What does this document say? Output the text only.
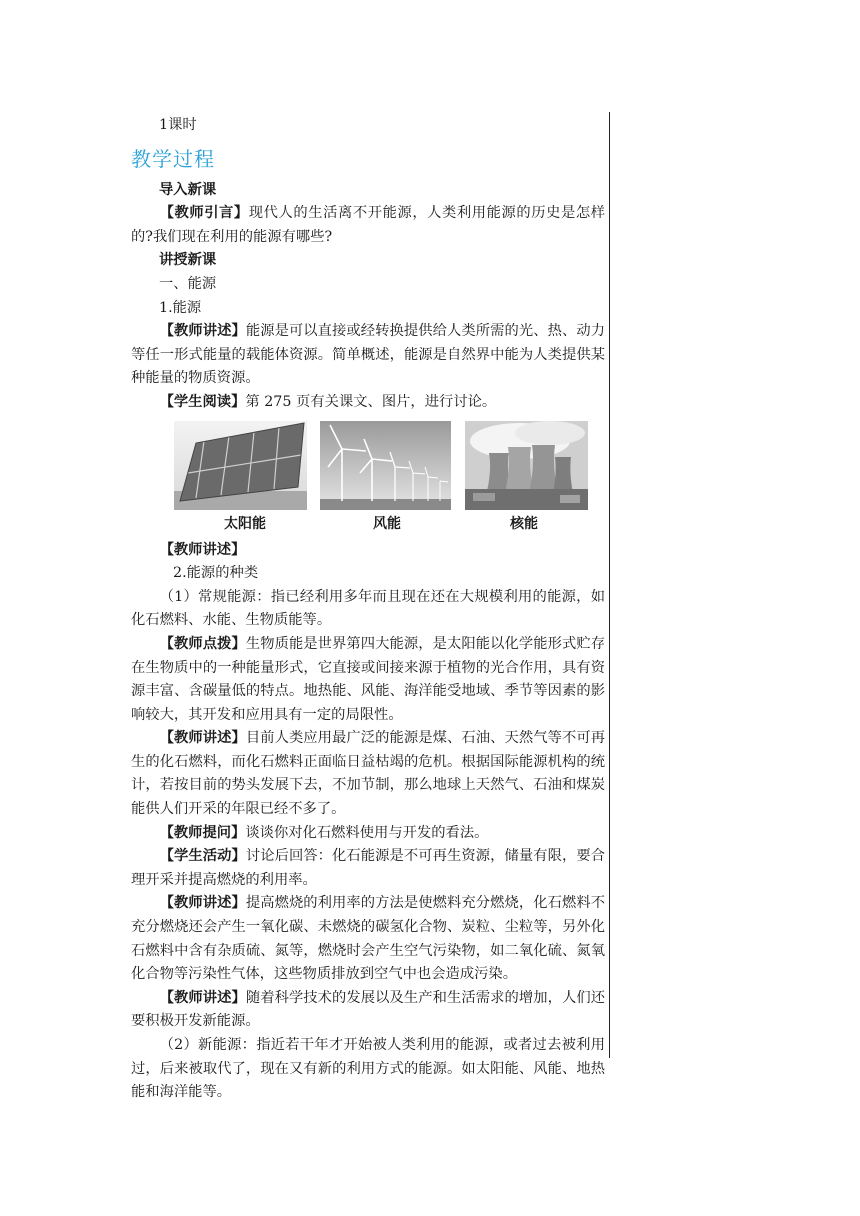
1课时

教学过程

导入新课

【教师引言】现代人的生活离不开能源，人类利用能源的历史是怎样的?我们现在利用的能源有哪些?

讲授新课

一、能源

1.能源

【教师讲述】能源是可以直接或经转换提供给人类所需的光、热、动力等任一形式能量的载能体资源。简单概述，能源是自然界中能为人类提供某种能量的物质资源。

【学生阅读】第 275 页有关课文、图片，进行讨论。

太阳能	风能	核能

【教师讲述】

2.能源的种类

（1）常规能源：指已经利用多年而且现在还在大规模利用的能源，如化石燃料、水能、生物质能等。

【教师点拨】生物质能是世界第四大能源，是太阳能以化学能形式贮存在生物质中的一种能量形式，它直接或间接来源于植物的光合作用，具有资源丰富、含碳量低的特点。地热能、风能、海洋能受地域、季节等因素的影响较大，其开发和应用具有一定的局限性。

【教师讲述】目前人类应用最广泛的能源是煤、石油、天然气等不可再生的化石燃料，而化石燃料正面临日益枯竭的危机。根据国际能源机构的统计，若按目前的势头发展下去，不加节制，那么地球上天然气、石油和煤炭能供人们开采的年限已经不多了。

【教师提问】谈谈你对化石燃料使用与开发的看法。

【学生活动】讨论后回答：化石能源是不可再生资源，储量有限，要合理开采并提高燃烧的利用率。

【教师讲述】提高燃烧的利用率的方法是使燃料充分燃烧，化石燃料不充分燃烧还会产生一氧化碳、未燃烧的碳氢化合物、炭粒、尘粒等，另外化石燃料中含有杂质硫、氮等，燃烧时会产生空气污染物，如二氧化硫、氮氧化合物等污染性气体，这些物质排放到空气中也会造成污染。

【教师讲述】随着科学技术的发展以及生产和生活需求的增加，人们还要积极开发新能源。

（2）新能源：指近若干年才开始被人类利用的能源，或者过去被利用过，后来被取代了，现在又有新的利用方式的能源。如太阳能、风能、地热能和海洋能等。
